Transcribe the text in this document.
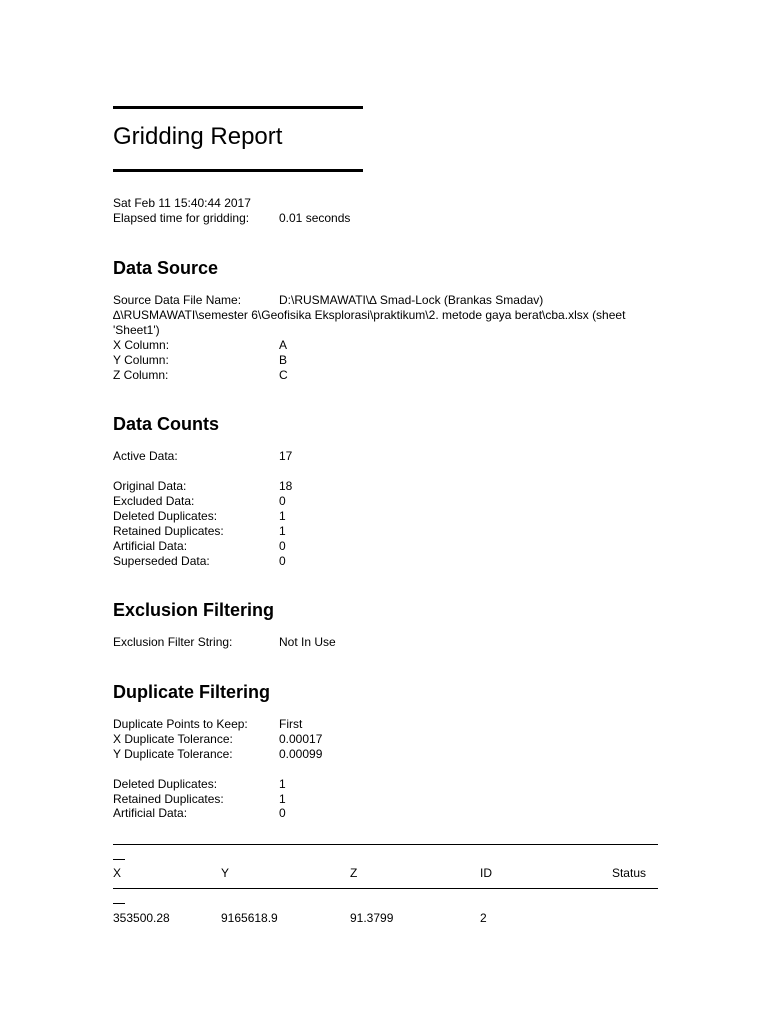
Gridding Report
Sat Feb 11 15:40:44 2017
Elapsed time for gridding: 0.01 seconds
Data Source
Source Data File Name:	D:\RUSMAWATI\∆ Smad-Lock (Brankas Smadav)
∆\RUSMAWATI\semester 6\Geofisika Eksplorasi\praktikum\2. metode gaya berat\cba.xlsx (sheet 'Sheet1')
X Column:	A
Y Column:	B
Z Column:	C
Data Counts
Active Data:	17
Original Data:	18
Excluded Data:	0
Deleted Duplicates:	1
Retained Duplicates:	1
Artificial Data:	0
Superseded Data:	0
Exclusion Filtering
Exclusion Filter String:	Not In Use
Duplicate Filtering
Duplicate Points to Keep:	First
X Duplicate Tolerance:	0.00017
Y Duplicate Tolerance:	0.00099
Deleted Duplicates:	1
Retained Duplicates:	1
Artificial Data:	0
X	Y	Z	ID	Status
353500.28	9165618.9	91.3799	2
